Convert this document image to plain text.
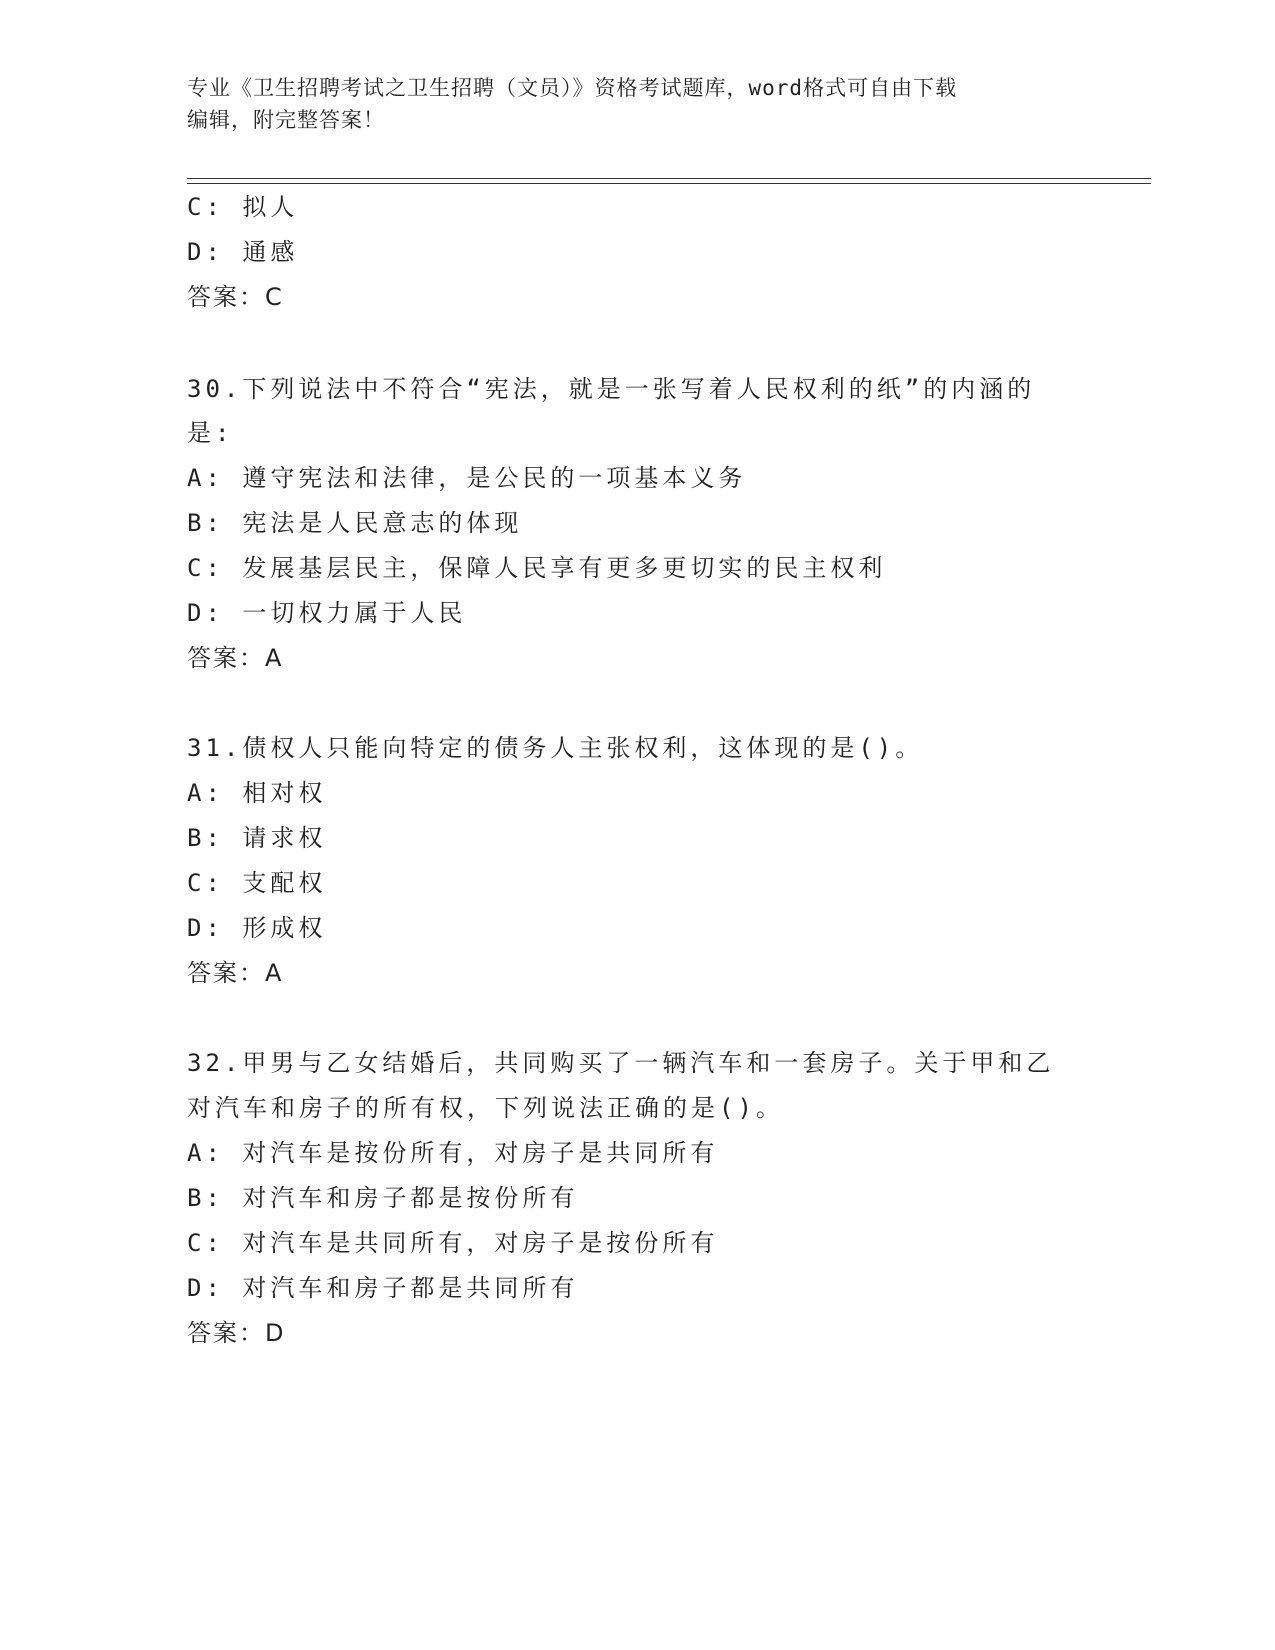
专业《卫生招聘考试之卫生招聘（文员）》资格考试题库，word格式可自由下载
编辑，附完整答案！
C: 拟人
D: 通感
答案：C
30.下列说法中不符合“宪法，就是一张写着人民权利的纸”的内涵的
是:
A: 遵守宪法和法律，是公民的一项基本义务
B: 宪法是人民意志的体现
C: 发展基层民主，保障人民享有更多更切实的民主权利
D: 一切权力属于人民
答案：A
31.债权人只能向特定的债务人主张权利，这体现的是()。
A: 相对权
B: 请求权
C: 支配权
D: 形成权
答案：A
32.甲男与乙女结婚后，共同购买了一辆汽车和一套房子。关于甲和乙
对汽车和房子的所有权，下列说法正确的是()。
A: 对汽车是按份所有，对房子是共同所有
B: 对汽车和房子都是按份所有
C: 对汽车是共同所有，对房子是按份所有
D: 对汽车和房子都是共同所有
答案：D
